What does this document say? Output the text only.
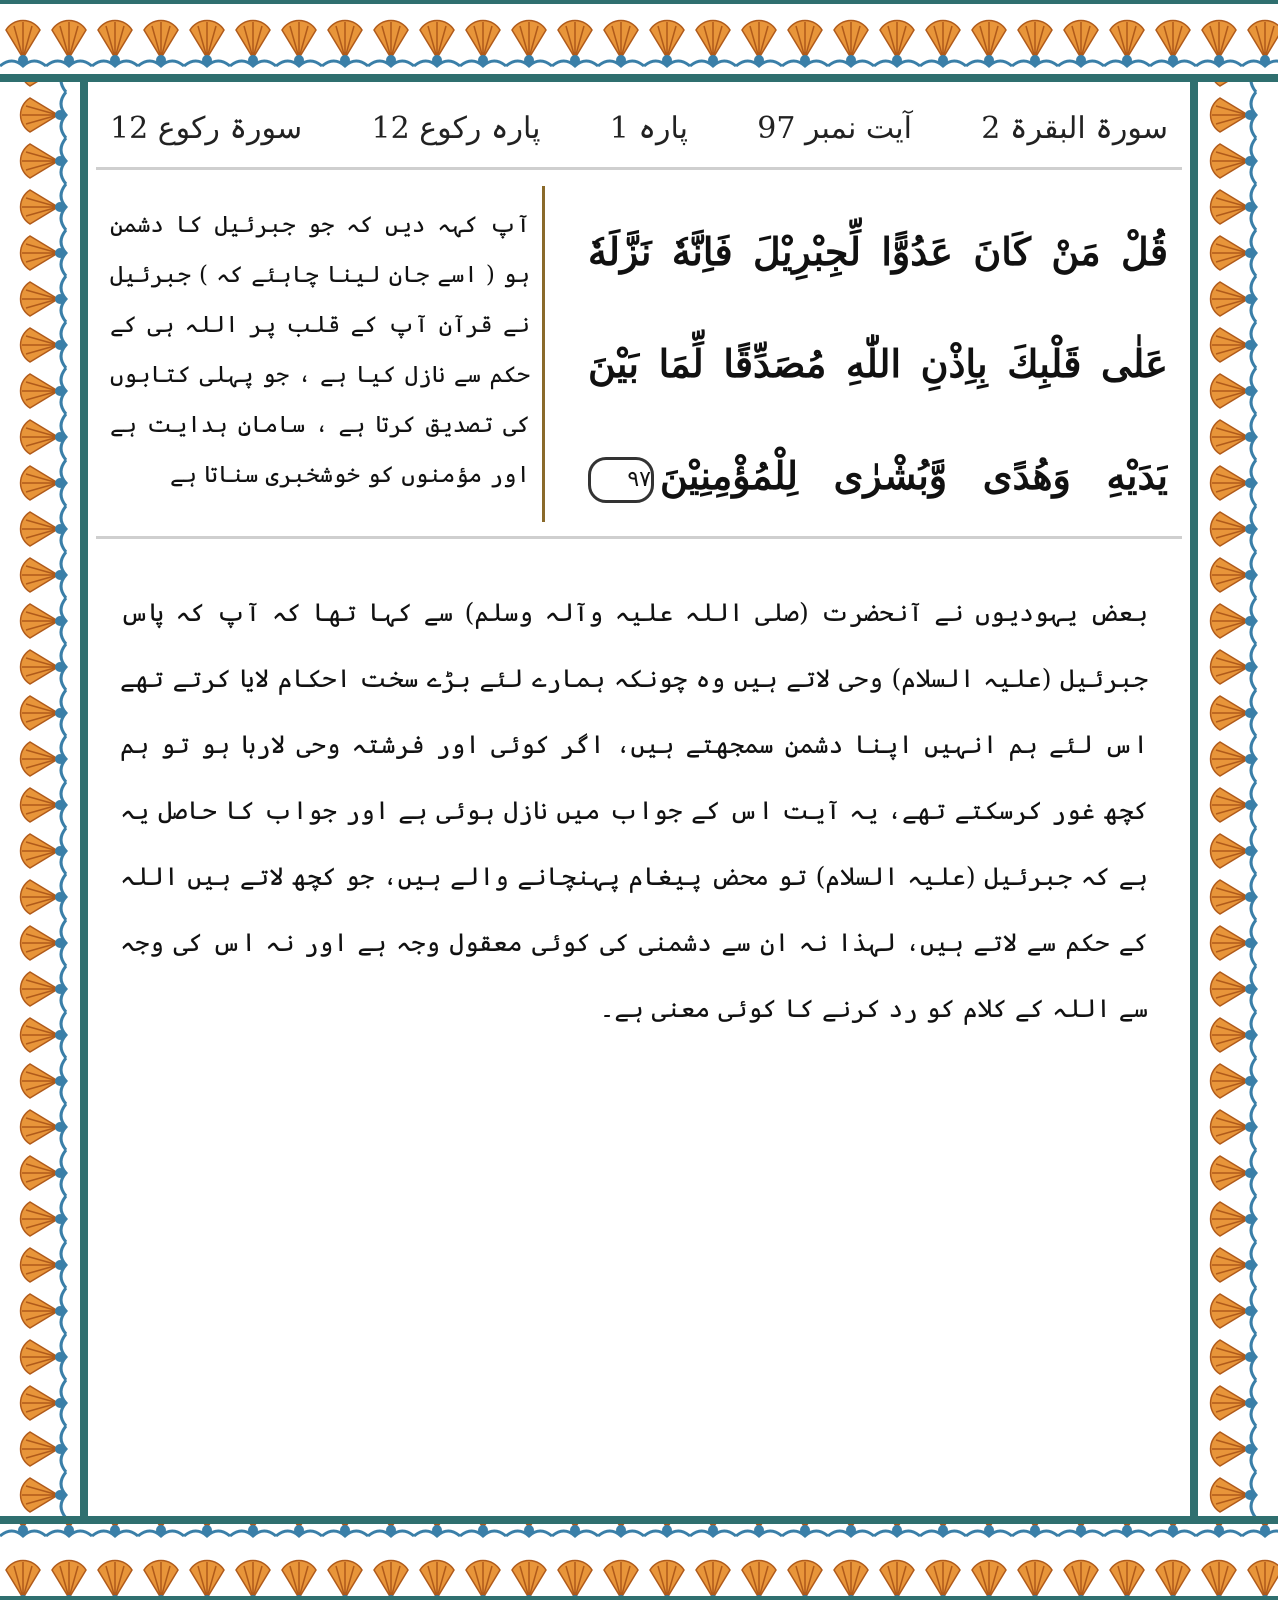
سورۃ البقرۃ 2
آیت نمبر 97
پارہ 1
پارہ رکوع 12
سورۃ رکوع 12
قُلْ مَنْ كَانَ عَدُوًّا لِّجِبْرِيْلَ فَاِنَّهٗ نَزَّلَهٗ
عَلٰى قَلْبِكَ بِاِذْنِ اللّٰهِ مُصَدِّقًا لِّمَا بَيْنَ
يَدَيْهِ وَهُدًى وَّبُشْرٰى لِلْمُؤْمِنِيْنَ٩٧
آپ کہہ دیں کہ جو جبرئیل کا دشمن ہو ( اسے جان لینا چاہئے کہ ) جبرئیل نے قرآن آپ کے قلب پر اللہ ہی کے حکم سے نازل کیا ہے ، جو پہلی کتابوں کی تصدیق کرتا ہے ، سامانِ ہدایت ہے اور مؤمنوں کو خوشخبری سناتا ہے
بعض یہودیوں نے آنحضرت (صلی اللہ علیہ وآلہ وسلم) سے کہا تھا کہ آپ کہ پاس جبرئیل (علیہ السلام) وحی لاتے ہیں وہ چونکہ ہمارے لئے بڑے سخت احکام لایا کرتے تھے اس لئے ہم انہیں اپنا دشمن سمجھتے ہیں، اگر کوئی اور فرشتہ وحی لارہا ہو تو ہم کچھ غور کرسکتے تھے، یہ آیت اس کے جواب میں نازل ہوئی ہے اور جواب کا حاصل یہ ہے کہ جبرئیل (علیہ السلام) تو محض پیغام پہنچانے والے ہیں، جو کچھ لاتے ہیں اللہ کے حکم سے لاتے ہیں، لہذا نہ ان سے دشمنی کی کوئی معقول وجہ ہے اور نہ اس کی وجہ سے اللہ کے کلام کو رد کرنے کا کوئی معنی ہے۔
